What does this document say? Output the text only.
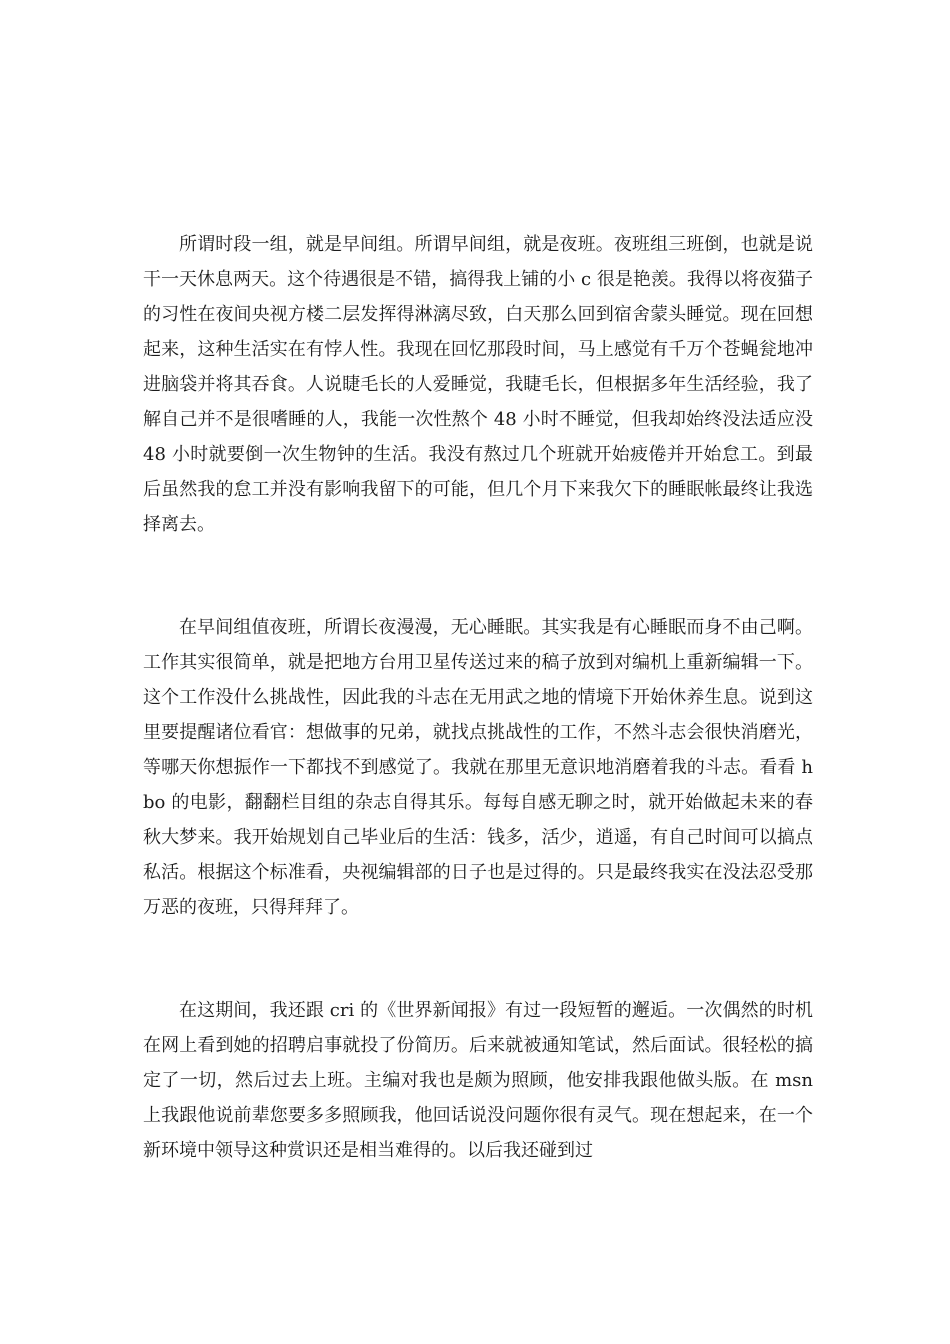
所谓时段一组，就是早间组。所谓早间组，就是夜班。夜班组三班倒，也就是说干一天休息两天。这个待遇很是不错，搞得我上铺的小 c 很是艳羡。我得以将夜猫子的习性在夜间央视方楼二层发挥得淋漓尽致，白天那么回到宿舍蒙头睡觉。现在回想起来，这种生活实在有悖人性。我现在回忆那段时间，马上感觉有千万个苍蝇瓮地冲进脑袋并将其吞食。人说睫毛长的人爱睡觉，我睫毛长，但根据多年生活经验，我了解自己并不是很嗜睡的人，我能一次性熬个 48 小时不睡觉，但我却始终没法适应没 48 小时就要倒一次生物钟的生活。我没有熬过几个班就开始疲倦并开始怠工。到最后虽然我的怠工并没有影响我留下的可能，但几个月下来我欠下的睡眠帐最终让我选择离去。

在早间组值夜班，所谓长夜漫漫，无心睡眠。其实我是有心睡眠而身不由己啊。工作其实很简单，就是把地方台用卫星传送过来的稿子放到对编机上重新编辑一下。这个工作没什么挑战性，因此我的斗志在无用武之地的情境下开始休养生息。说到这里要提醒诸位看官：想做事的兄弟，就找点挑战性的工作，不然斗志会很快消磨光，等哪天你想振作一下都找不到感觉了。我就在那里无意识地消磨着我的斗志。看看 hbo 的电影，翻翻栏目组的杂志自得其乐。每每自感无聊之时，就开始做起未来的春秋大梦来。我开始规划自己毕业后的生活：钱多，活少，逍遥，有自己时间可以搞点私活。根据这个标准看，央视编辑部的日子也是过得的。只是最终我实在没法忍受那万恶的夜班，只得拜拜了。

在这期间，我还跟 cri 的《世界新闻报》有过一段短暂的邂逅。一次偶然的时机在网上看到她的招聘启事就投了份简历。后来就被通知笔试，然后面试。很轻松的搞定了一切，然后过去上班。主编对我也是颇为照顾，他安排我跟他做头版。在 msn 上我跟他说前辈您要多多照顾我，他回话说没问题你很有灵气。现在想起来，在一个新环境中领导这种赏识还是相当难得的。以后我还碰到过
